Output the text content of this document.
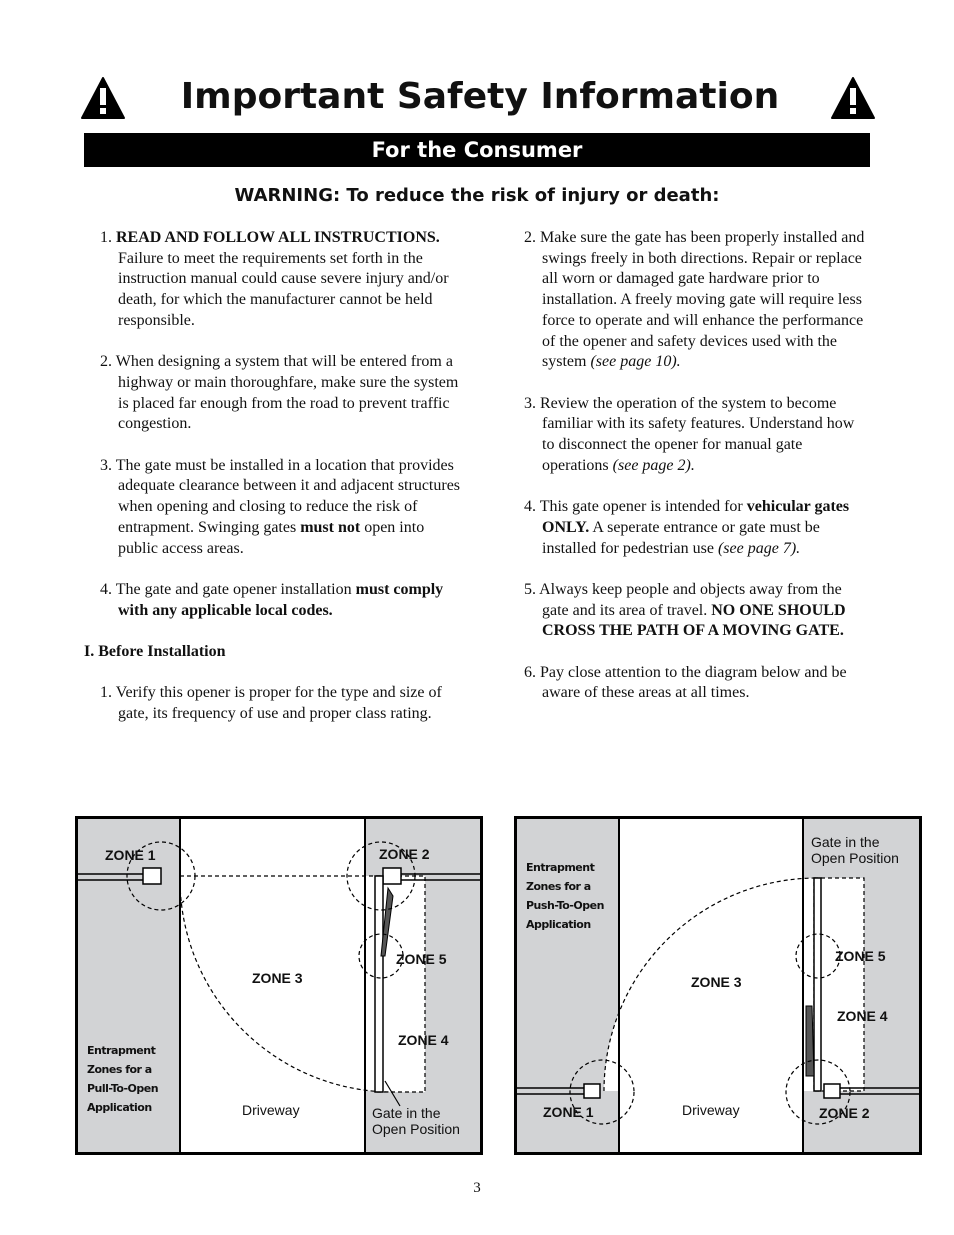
Important Safety Information
For the Consumer
WARNING: To reduce the risk of injury or death:

1. READ AND FOLLOW ALL INSTRUCTIONS. Failure to meet the requirements set forth in the instruction manual could cause severe injury and/or death, for which the manufacturer cannot be held responsible.

2. When designing a system that will be entered from a highway or main thoroughfare, make sure the system is placed far enough from the road to prevent traffic congestion.

3. The gate must be installed in a location that provides adequate clearance between it and adjacent structures when opening and closing to reduce the risk of entrapment. Swinging gates must not open into public access areas.

4. The gate and gate opener installation must comply with any applicable local codes.

I. Before Installation

1. Verify this opener is proper for the type and size of gate, its frequency of use and proper class rating.

2. Make sure the gate has been properly installed and swings freely in both directions. Repair or replace all worn or damaged gate hardware prior to installation. A freely moving gate will require less force to operate and will enhance the performance of the opener and safety devices used with the system (see page 10).

3. Review the operation of the system to become familiar with its safety features. Understand how to disconnect the opener for manual gate operations (see page 2).

4. This gate opener is intended for vehicular gates ONLY. A seperate entrance or gate must be installed for pedestrian use (see page 7).

5. Always keep people and objects away from the gate and its area of travel. NO ONE SHOULD CROSS THE PATH OF A MOVING GATE.

6. Pay close attention to the diagram below and be aware of these areas at all times.

ZONE 1	ZONE 2
ZONE 3
ZONE 5
ZONE 4
Entrapment
Zones for a
Pull-To-Open
Application	Driveway	Gate in the
Open Position
ZONE 1	ZONE 2
ZONE 3
ZONE 5
ZONE 4
Entrapment
Zones for a
Push-To-Open
Application
Driveway
Gate in the
Open Position
3
